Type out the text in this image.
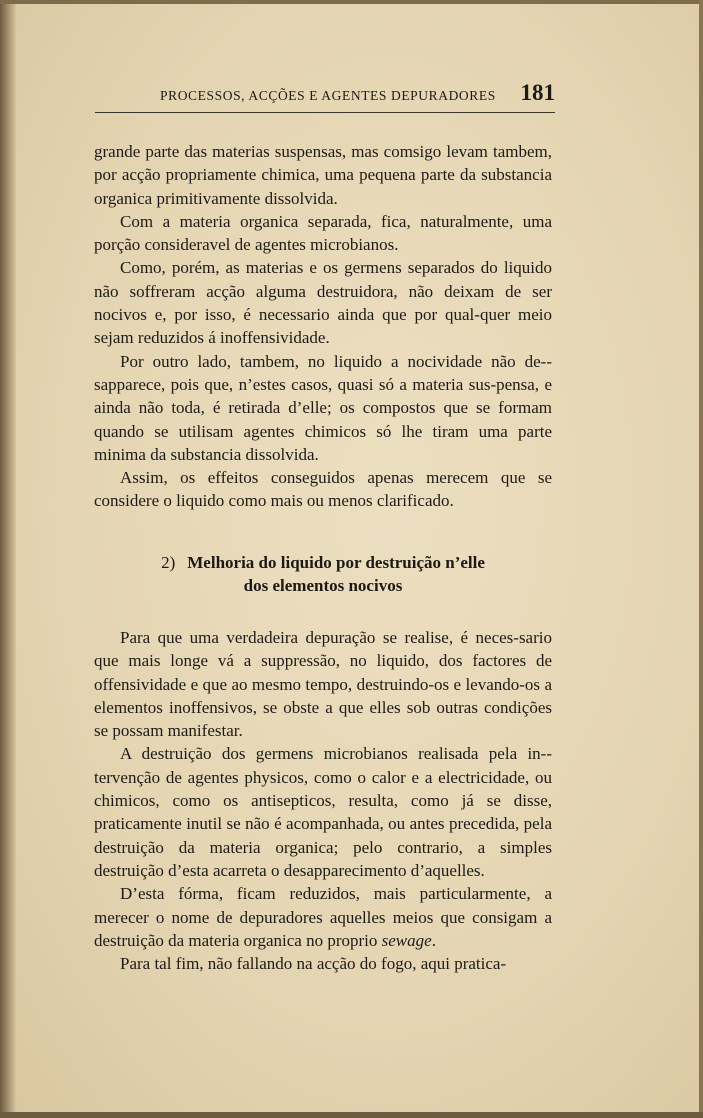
PROCESSOS, ACÇÕES E AGENTES DEPURADORES 181

grande parte das materias suspensas, mas comsigo levam tambem, por acção propriamente chimica, uma pequena parte da substancia organica primitivamente dissolvida.

Com a materia organica separada, fica, naturalmente, uma porção consideravel de agentes microbianos.

Como, porém, as materias e os germens separados do liquido não soffreram acção alguma destruidora, não deixam de ser nocivos e, por isso, é necessario ainda que por qual-quer meio sejam reduzidos á inoffensividade.

Por outro lado, tambem, no liquido a nocividade não de-sapparece, pois que, n’estes casos, quasi só a materia sus-pensa, e ainda não toda, é retirada d’elle; os compostos que se formam quando se utilisam agentes chimicos só lhe tiram uma parte minima da substancia dissolvida.

Assim, os effeitos conseguidos apenas merecem que se considere o liquido como mais ou menos clarificado.

2) Melhoria do liquido por destruição n’elle
dos elementos nocivos

Para que uma verdadeira depuração se realise, é neces-sario que mais longe vá a suppressão, no liquido, dos factores de offensividade e que ao mesmo tempo, destruindo-os e levando-os a elementos inoffensivos, se obste a que elles sob outras condições se possam manifestar.

A destruição dos germens microbianos realisada pela in-tervenção de agentes physicos, como o calor e a electricidade, ou chimicos, como os antisepticos, resulta, como já se disse, praticamente inutil se não é acompanhada, ou antes precedida, pela destruição da materia organica; pelo contrario, a simples destruição d’esta acarreta o desapparecimento d’aquelles.

D’esta fórma, ficam reduzidos, mais particularmente, a merecer o nome de depuradores aquelles meios que consigam a destruição da materia organica no proprio sewage.

Para tal fim, não fallando na acção do fogo, aqui pratica-
